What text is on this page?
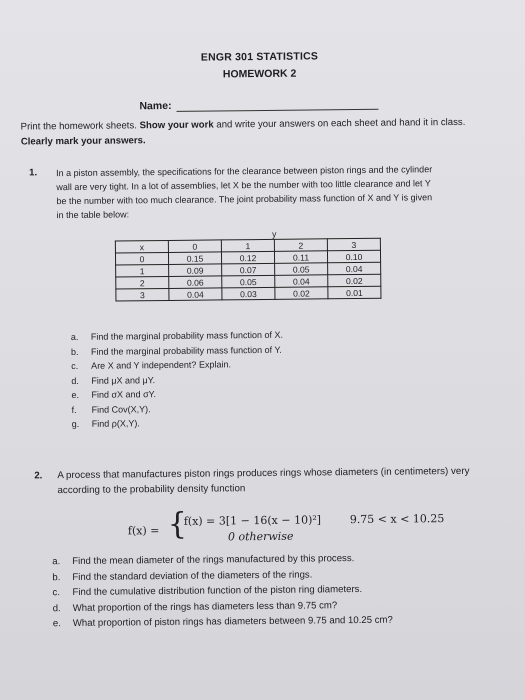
ENGR 301 STATISTICS
HOMEWORK 2
Name:
Print the homework sheets. Show your work and write your answers on each sheet and hand it in class.
Clearly mark your answers.
1. In a piston assembly, the specifications for the clearance between piston rings and the cylinder
wall are very tight. In a lot of assemblies, let X be the number with too little clearance and let Y
be the number with too much clearance. The joint probability mass function of X and Y is given
in the table below:
	y			
x	0	1	2	3
0	0.15	0.12	0.11	0.10
1	0.09	0.07	0.05	0.04
2	0.06	0.05	0.04	0.02
3	0.04	0.03	0.02	0.01
a. Find the marginal probability mass function of X.
b. Find the marginal probability mass function of Y.
c. Are X and Y independent? Explain.
d. Find μX and μY.
e. Find σX and σY.
f. Find Cov(X,Y).
g. Find ρ(X,Y).
2. A process that manufactures piston rings produces rings whose diameters (in centimeters) very
according to the probability density function
f(x) = {
f(x) = 3[1 − 16(x − 10)²]
0 otherwise
9.75 < x < 10.25
a. Find the mean diameter of the rings manufactured by this process.
b. Find the standard deviation of the diameters of the rings.
c. Find the cumulative distribution function of the piston ring diameters.
d. What proportion of the rings has diameters less than 9.75 cm?
e. What proportion of piston rings has diameters between 9.75 and 10.25 cm?
